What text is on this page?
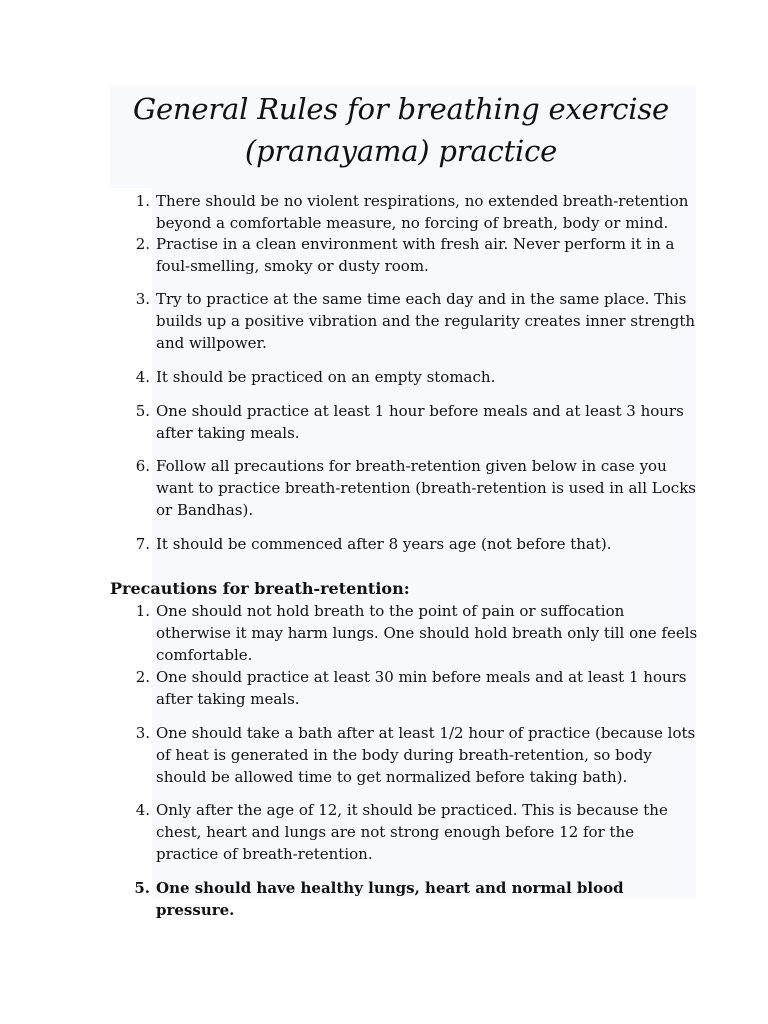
General Rules for breathing exercise
(pranayama) practice
1. There should be no violent respirations, no extended breath-retention beyond a comfortable measure, no forcing of breath, body or mind.
2. Practise in a clean environment with fresh air. Never perform it in a foul-smelling, smoky or dusty room.
3. Try to practice at the same time each day and in the same place. This builds up a positive vibration and the regularity creates inner strength and willpower.
4. It should be practiced on an empty stomach.
5. One should practice at least 1 hour before meals and at least 3 hours after taking meals.
6. Follow all precautions for breath-retention given below in case you want to practice breath-retention (breath-retention is used in all Locks or Bandhas).
7. It should be commenced after 8 years age (not before that).
Precautions for breath-retention:
1. One should not hold breath to the point of pain or suffocation otherwise it may harm lungs. One should hold breath only till one feels comfortable.
2. One should practice at least 30 min before meals and at least 1 hours after taking meals.
3. One should take a bath after at least 1/2 hour of practice (because lots of heat is generated in the body during breath-retention, so body should be allowed time to get normalized before taking bath).
4. Only after the age of 12, it should be practiced. This is because the chest, heart and lungs are not strong enough before 12 for the practice of breath-retention.
5. One should have healthy lungs, heart and normal blood pressure.
